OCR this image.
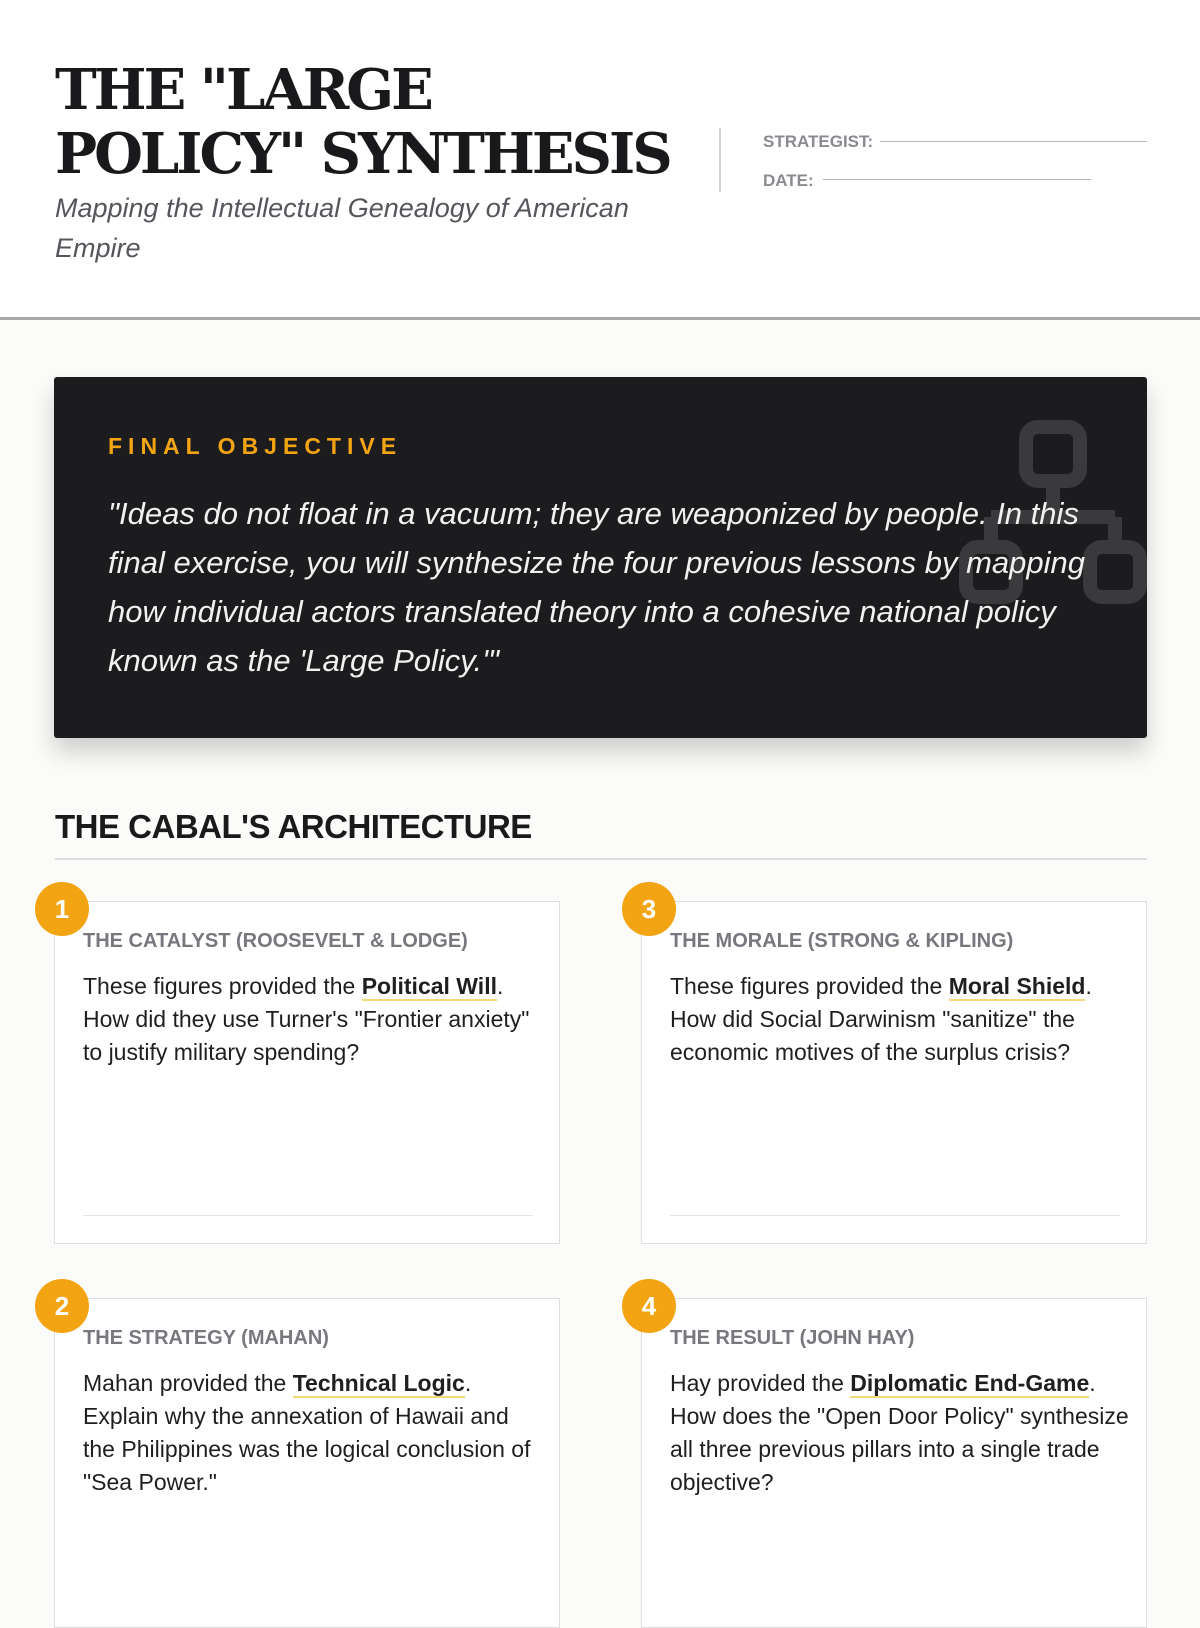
THE "LARGE POLICY" SYNTHESIS

Mapping the Intellectual Genealogy of American Empire

STRATEGIST:
DATE:
FINAL OBJECTIVE

"Ideas do not float in a vacuum; they are weaponized by people. In this final exercise, you will synthesize the four previous lessons by mapping how individual actors translated theory into a cohesive national policy known as the 'Large Policy.'"

THE CABAL'S ARCHITECTURE
1
THE CATALYST (ROOSEVELT & LODGE)

These figures provided the Political Will. How did they use Turner's "Frontier anxiety" to justify military spending?

3
THE MORALE (STRONG & KIPLING)

These figures provided the Moral Shield. How did Social Darwinism "sanitize" the economic motives of the surplus crisis?

2
THE STRATEGY (MAHAN)

Mahan provided the Technical Logic. Explain why the annexation of Hawaii and the Philippines was the logical conclusion of "Sea Power."

4
THE RESULT (JOHN HAY)

Hay provided the Diplomatic End-Game. How does the "Open Door Policy" synthesize all three previous pillars into a single trade objective?
